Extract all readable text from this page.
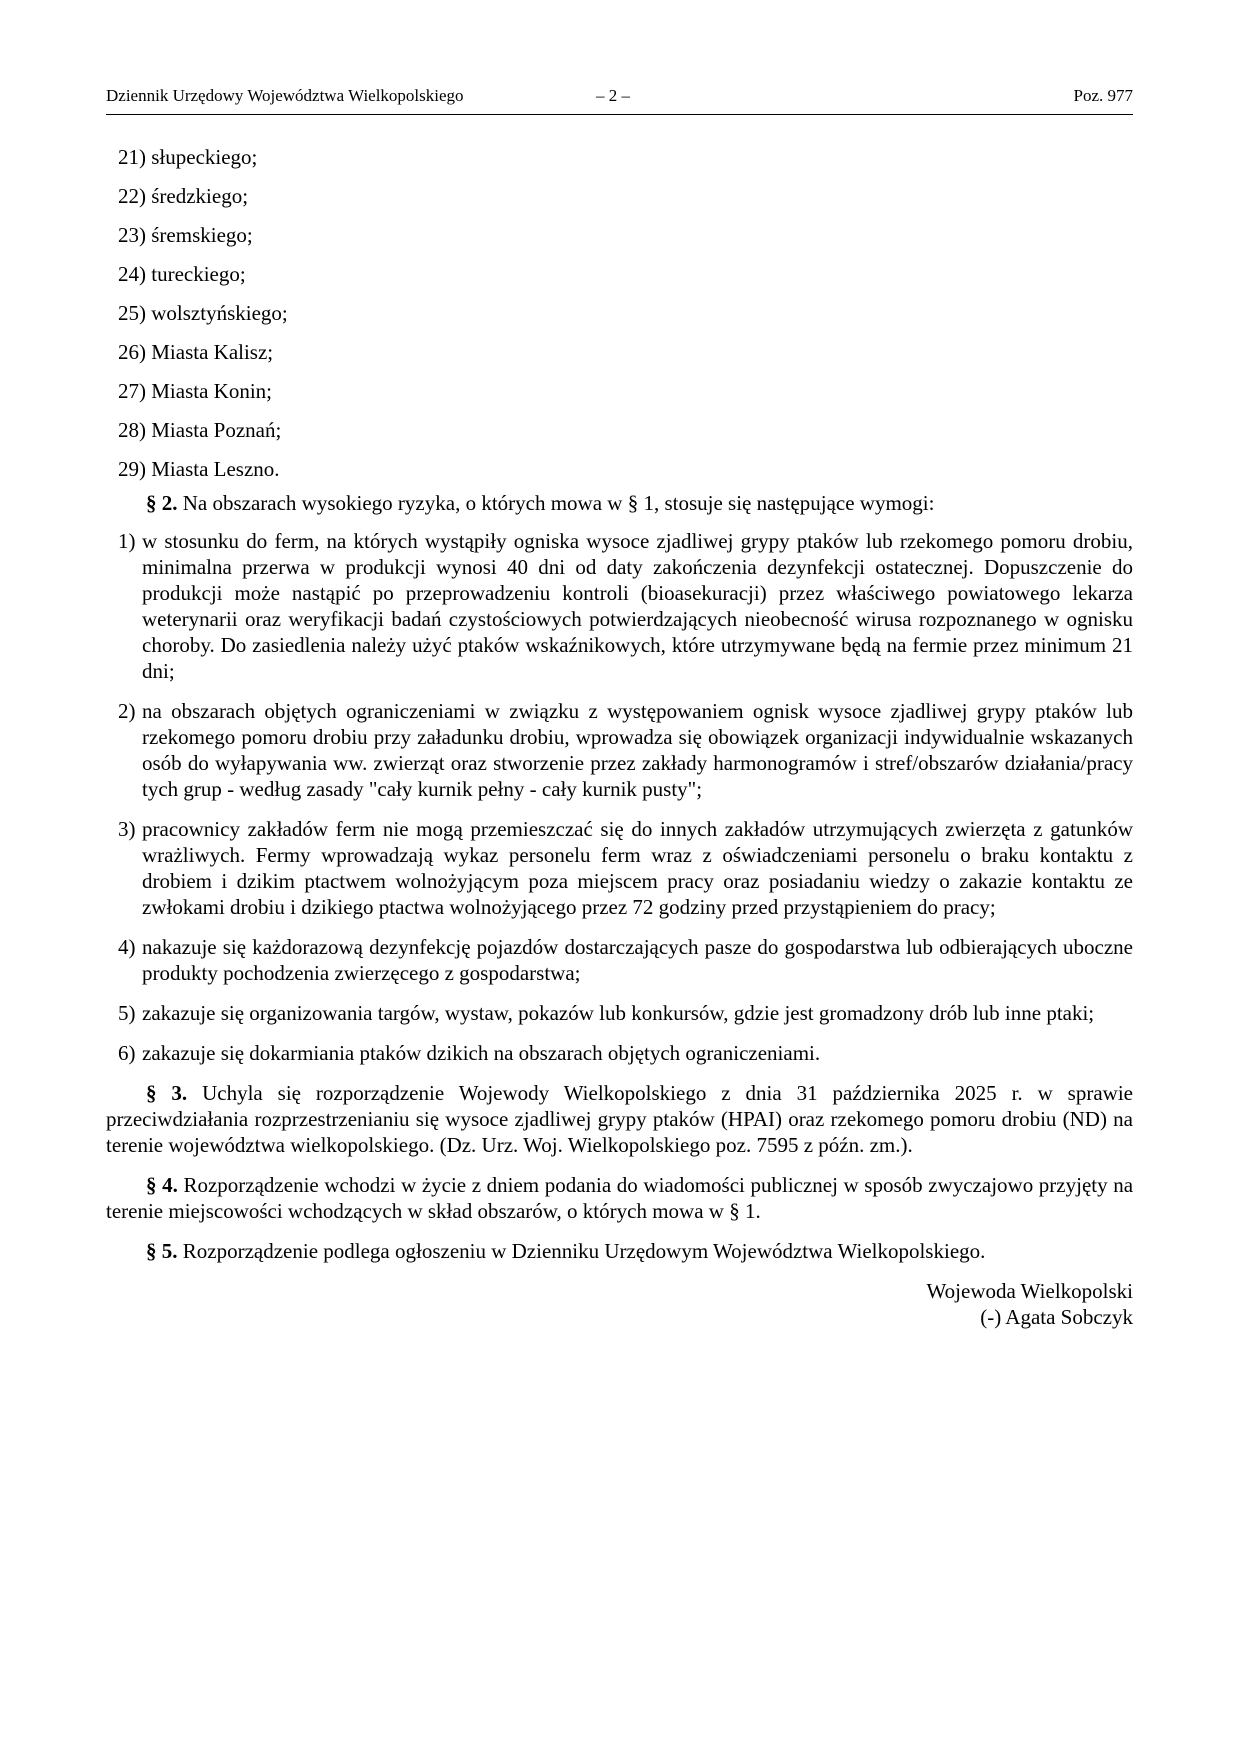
Dziennik Urzędowy Województwa Wielkopolskiego	– 2 –	Poz. 977
21) słupeckiego;
22) średzkiego;
23) śremskiego;
24) tureckiego;
25) wolsztyńskiego;
26) Miasta Kalisz;
27) Miasta Konin;
28) Miasta Poznań;
29) Miasta Leszno.

§ 2. Na obszarach wysokiego ryzyka, o których mowa w § 1, stosuje się następujące wymogi:

1) w stosunku do ferm, na których wystąpiły ogniska wysoce zjadliwej grypy ptaków lub rzekomego pomoru drobiu, minimalna przerwa w produkcji wynosi 40 dni od daty zakończenia dezynfekcji ostatecznej. Dopuszczenie do produkcji może nastąpić po przeprowadzeniu kontroli (bioasekuracji) przez właściwego powiatowego lekarza weterynarii oraz weryfikacji badań czystościowych potwierdzających nieobecność wirusa rozpoznanego w ognisku choroby. Do zasiedlenia należy użyć ptaków wskaźnikowych, które utrzymywane będą na fermie przez minimum 21 dni;
2) na obszarach objętych ograniczeniami w związku z występowaniem ognisk wysoce zjadliwej grypy ptaków lub rzekomego pomoru drobiu przy załadunku drobiu, wprowadza się obowiązek organizacji indywidualnie wskazanych osób do wyłapywania ww. zwierząt oraz stworzenie przez zakłady harmonogramów i stref/obszarów działania/pracy tych grup - według zasady "cały kurnik pełny - cały kurnik pusty";
3) pracownicy zakładów ferm nie mogą przemieszczać się do innych zakładów utrzymujących zwierzęta z gatunków wrażliwych. Fermy wprowadzają wykaz personelu ferm wraz z oświadczeniami personelu o braku kontaktu z drobiem i dzikim ptactwem wolnożyjącym poza miejscem pracy oraz posiadaniu wiedzy o zakazie kontaktu ze zwłokami drobiu i dzikiego ptactwa wolnożyjącego przez 72 godziny przed przystąpieniem do pracy;
4) nakazuje się każdorazową dezynfekcję pojazdów dostarczających pasze do gospodarstwa lub odbierających uboczne produkty pochodzenia zwierzęcego z gospodarstwa;
5) zakazuje się organizowania targów, wystaw, pokazów lub konkursów, gdzie jest gromadzony drób lub inne ptaki;
6) zakazuje się dokarmiania ptaków dzikich na obszarach objętych ograniczeniami.

§ 3. Uchyla się rozporządzenie Wojewody Wielkopolskiego z dnia 31 października 2025 r. w sprawie przeciwdziałania rozprzestrzenianiu się wysoce zjadliwej grypy ptaków (HPAI) oraz rzekomego pomoru drobiu (ND) na terenie województwa wielkopolskiego. (Dz. Urz. Woj. Wielkopolskiego poz. 7595 z późn. zm.).

§ 4. Rozporządzenie wchodzi w życie z dniem podania do wiadomości publicznej w sposób zwyczajowo przyjęty na terenie miejscowości wchodzących w skład obszarów, o których mowa w § 1.

§ 5. Rozporządzenie podlega ogłoszeniu w Dzienniku Urzędowym Województwa Wielkopolskiego.

Wojewoda Wielkopolski
(-) Agata Sobczyk
